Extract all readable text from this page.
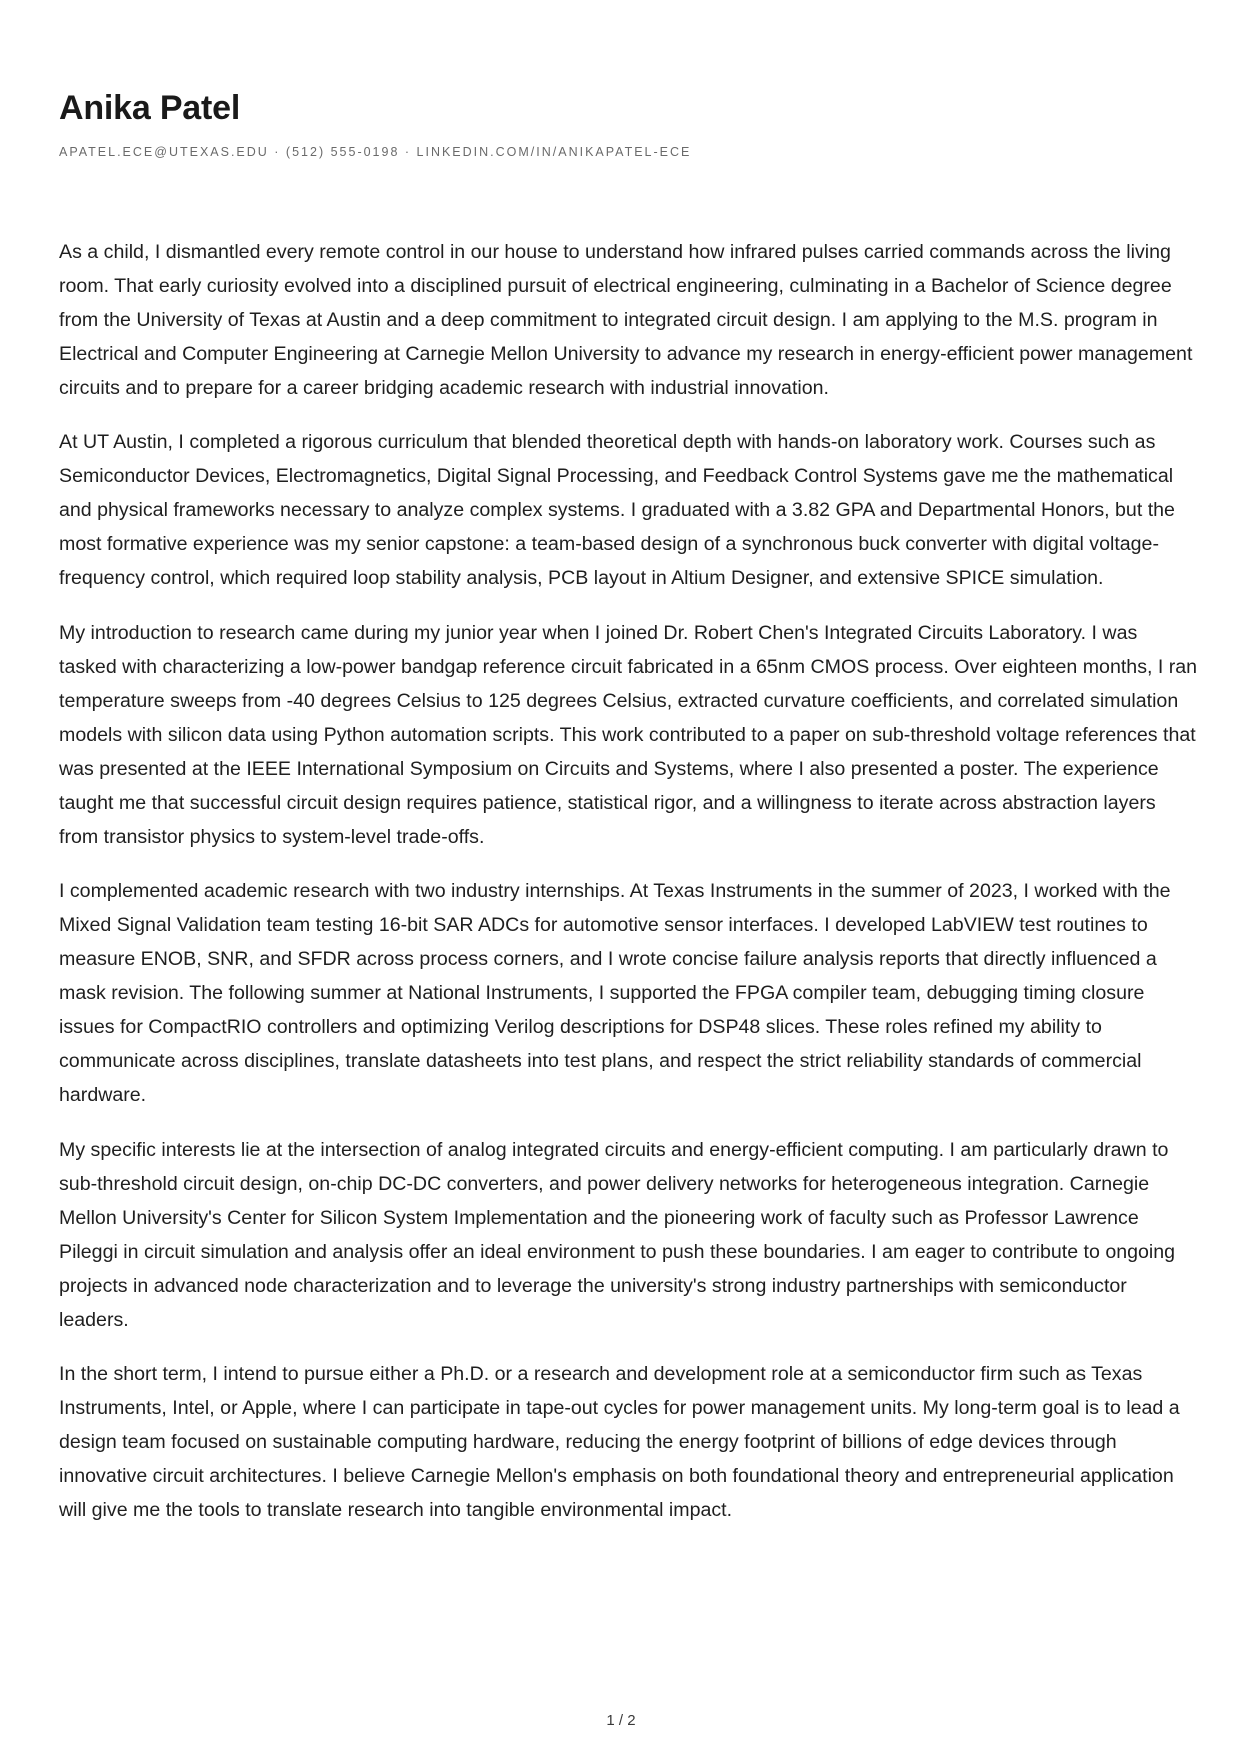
Anika Patel
APATEL.ECE@UTEXAS.EDU · (512) 555-0198 · LINKEDIN.COM/IN/ANIKAPATEL-ECE

As a child, I dismantled every remote control in our house to understand how infrared pulses carried commands across the living room. That early curiosity evolved into a disciplined pursuit of electrical engineering, culminating in a Bachelor of Science degree from the University of Texas at Austin and a deep commitment to integrated circuit design. I am applying to the M.S. program in Electrical and Computer Engineering at Carnegie Mellon University to advance my research in energy-efficient power management circuits and to prepare for a career bridging academic research with industrial innovation.

At UT Austin, I completed a rigorous curriculum that blended theoretical depth with hands-on laboratory work. Courses such as Semiconductor Devices, Electromagnetics, Digital Signal Processing, and Feedback Control Systems gave me the mathematical and physical frameworks necessary to analyze complex systems. I graduated with a 3.82 GPA and Departmental Honors, but the most formative experience was my senior capstone: a team-based design of a synchronous buck converter with digital voltage-frequency control, which required loop stability analysis, PCB layout in Altium Designer, and extensive SPICE simulation.

My introduction to research came during my junior year when I joined Dr. Robert Chen's Integrated Circuits Laboratory. I was tasked with characterizing a low-power bandgap reference circuit fabricated in a 65nm CMOS process. Over eighteen months, I ran temperature sweeps from -40 degrees Celsius to 125 degrees Celsius, extracted curvature coefficients, and correlated simulation models with silicon data using Python automation scripts. This work contributed to a paper on sub-threshold voltage references that was presented at the IEEE International Symposium on Circuits and Systems, where I also presented a poster. The experience taught me that successful circuit design requires patience, statistical rigor, and a willingness to iterate across abstraction layers from transistor physics to system-level trade-offs.

I complemented academic research with two industry internships. At Texas Instruments in the summer of 2023, I worked with the Mixed Signal Validation team testing 16-bit SAR ADCs for automotive sensor interfaces. I developed LabVIEW test routines to measure ENOB, SNR, and SFDR across process corners, and I wrote concise failure analysis reports that directly influenced a mask revision. The following summer at National Instruments, I supported the FPGA compiler team, debugging timing closure issues for CompactRIO controllers and optimizing Verilog descriptions for DSP48 slices. These roles refined my ability to communicate across disciplines, translate datasheets into test plans, and respect the strict reliability standards of commercial hardware.

My specific interests lie at the intersection of analog integrated circuits and energy-efficient computing. I am particularly drawn to sub-threshold circuit design, on-chip DC-DC converters, and power delivery networks for heterogeneous integration. Carnegie Mellon University's Center for Silicon System Implementation and the pioneering work of faculty such as Professor Lawrence Pileggi in circuit simulation and analysis offer an ideal environment to push these boundaries. I am eager to contribute to ongoing projects in advanced node characterization and to leverage the university's strong industry partnerships with semiconductor leaders.

In the short term, I intend to pursue either a Ph.D. or a research and development role at a semiconductor firm such as Texas Instruments, Intel, or Apple, where I can participate in tape-out cycles for power management units. My long-term goal is to lead a design team focused on sustainable computing hardware, reducing the energy footprint of billions of edge devices through innovative circuit architectures. I believe Carnegie Mellon's emphasis on both foundational theory and entrepreneurial application will give me the tools to translate research into tangible environmental impact.

1 / 2
